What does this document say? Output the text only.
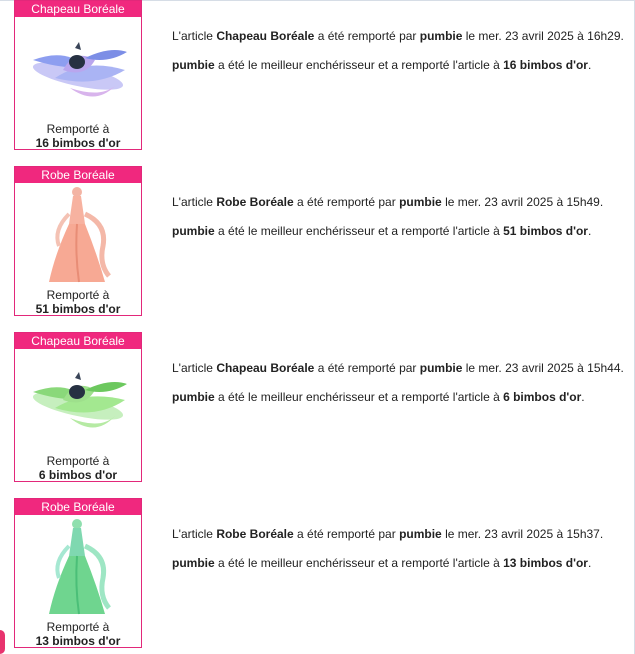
Chapeau Boréale
Remporté à
16 bimbos d'or
L'article Chapeau Boréale a été remporté par pumbie le mer. 23 avril 2025 à 16h29.
pumbie a été le meilleur enchérisseur et a remporté l'article à 16 bimbos d'or.
Robe Boréale
Remporté à
51 bimbos d'or
L'article Robe Boréale a été remporté par pumbie le mer. 23 avril 2025 à 15h49.
pumbie a été le meilleur enchérisseur et a remporté l'article à 51 bimbos d'or.
Chapeau Boréale
Remporté à
6 bimbos d'or
L'article Chapeau Boréale a été remporté par pumbie le mer. 23 avril 2025 à 15h44.
pumbie a été le meilleur enchérisseur et a remporté l'article à 6 bimbos d'or.
Robe Boréale
Remporté à
13 bimbos d'or
L'article Robe Boréale a été remporté par pumbie le mer. 23 avril 2025 à 15h37.
pumbie a été le meilleur enchérisseur et a remporté l'article à 13 bimbos d'or.
